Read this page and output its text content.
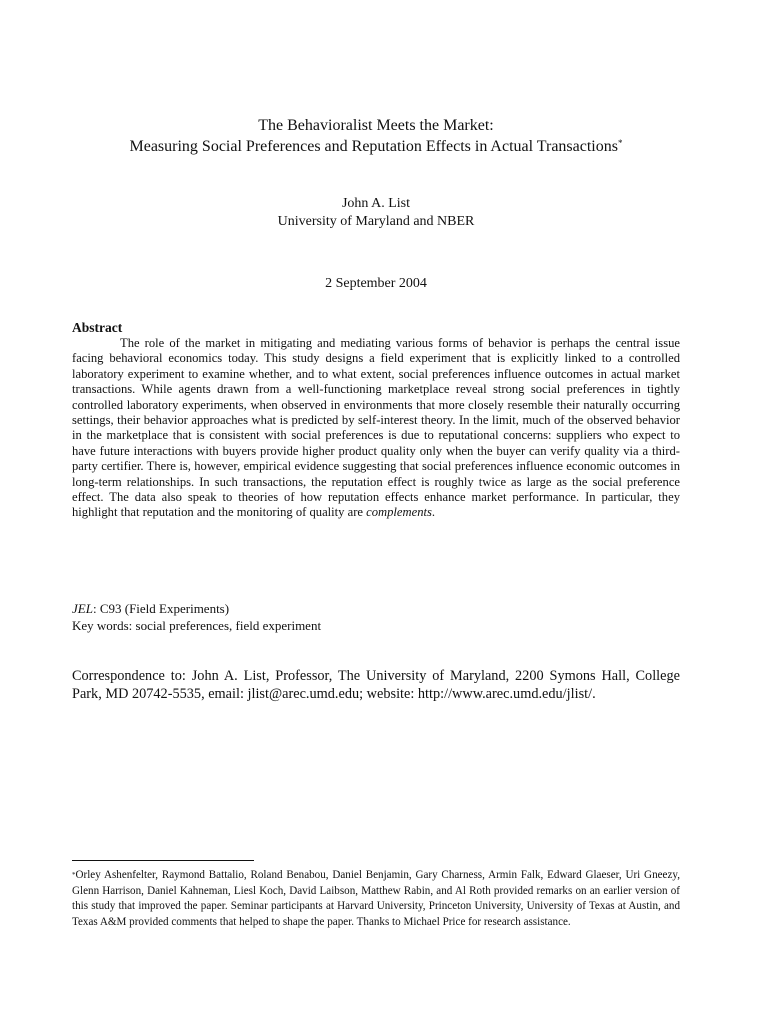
The Behavioralist Meets the Market:
Measuring Social Preferences and Reputation Effects in Actual Transactions*
John A. List
University of Maryland and NBER
2 September 2004
Abstract
The role of the market in mitigating and mediating various forms of behavior is perhaps the central issue facing behavioral economics today. This study designs a field experiment that is explicitly linked to a controlled laboratory experiment to examine whether, and to what extent, social preferences influence outcomes in actual market transactions. While agents drawn from a well-functioning marketplace reveal strong social preferences in tightly controlled laboratory experiments, when observed in environments that more closely resemble their naturally occurring settings, their behavior approaches what is predicted by self-interest theory. In the limit, much of the observed behavior in the marketplace that is consistent with social preferences is due to reputational concerns: suppliers who expect to have future interactions with buyers provide higher product quality only when the buyer can verify quality via a third-party certifier. There is, however, empirical evidence suggesting that social preferences influence economic outcomes in long-term relationships. In such transactions, the reputation effect is roughly twice as large as the social preference effect. The data also speak to theories of how reputation effects enhance market performance. In particular, they highlight that reputation and the monitoring of quality are complements.
JEL: C93 (Field Experiments)
Key words: social preferences, field experiment
Correspondence to: John A. List, Professor, The University of Maryland, 2200 Symons Hall, College Park, MD 20742-5535, email: jlist@arec.umd.edu; website: http://www.arec.umd.edu/jlist/.
*Orley Ashenfelter, Raymond Battalio, Roland Benabou, Daniel Benjamin, Gary Charness, Armin Falk, Edward Glaeser, Uri Gneezy, Glenn Harrison, Daniel Kahneman, Liesl Koch, David Laibson, Matthew Rabin, and Al Roth provided remarks on an earlier version of this study that improved the paper. Seminar participants at Harvard University, Princeton University, University of Texas at Austin, and Texas A&M provided comments that helped to shape the paper. Thanks to Michael Price for research assistance.
